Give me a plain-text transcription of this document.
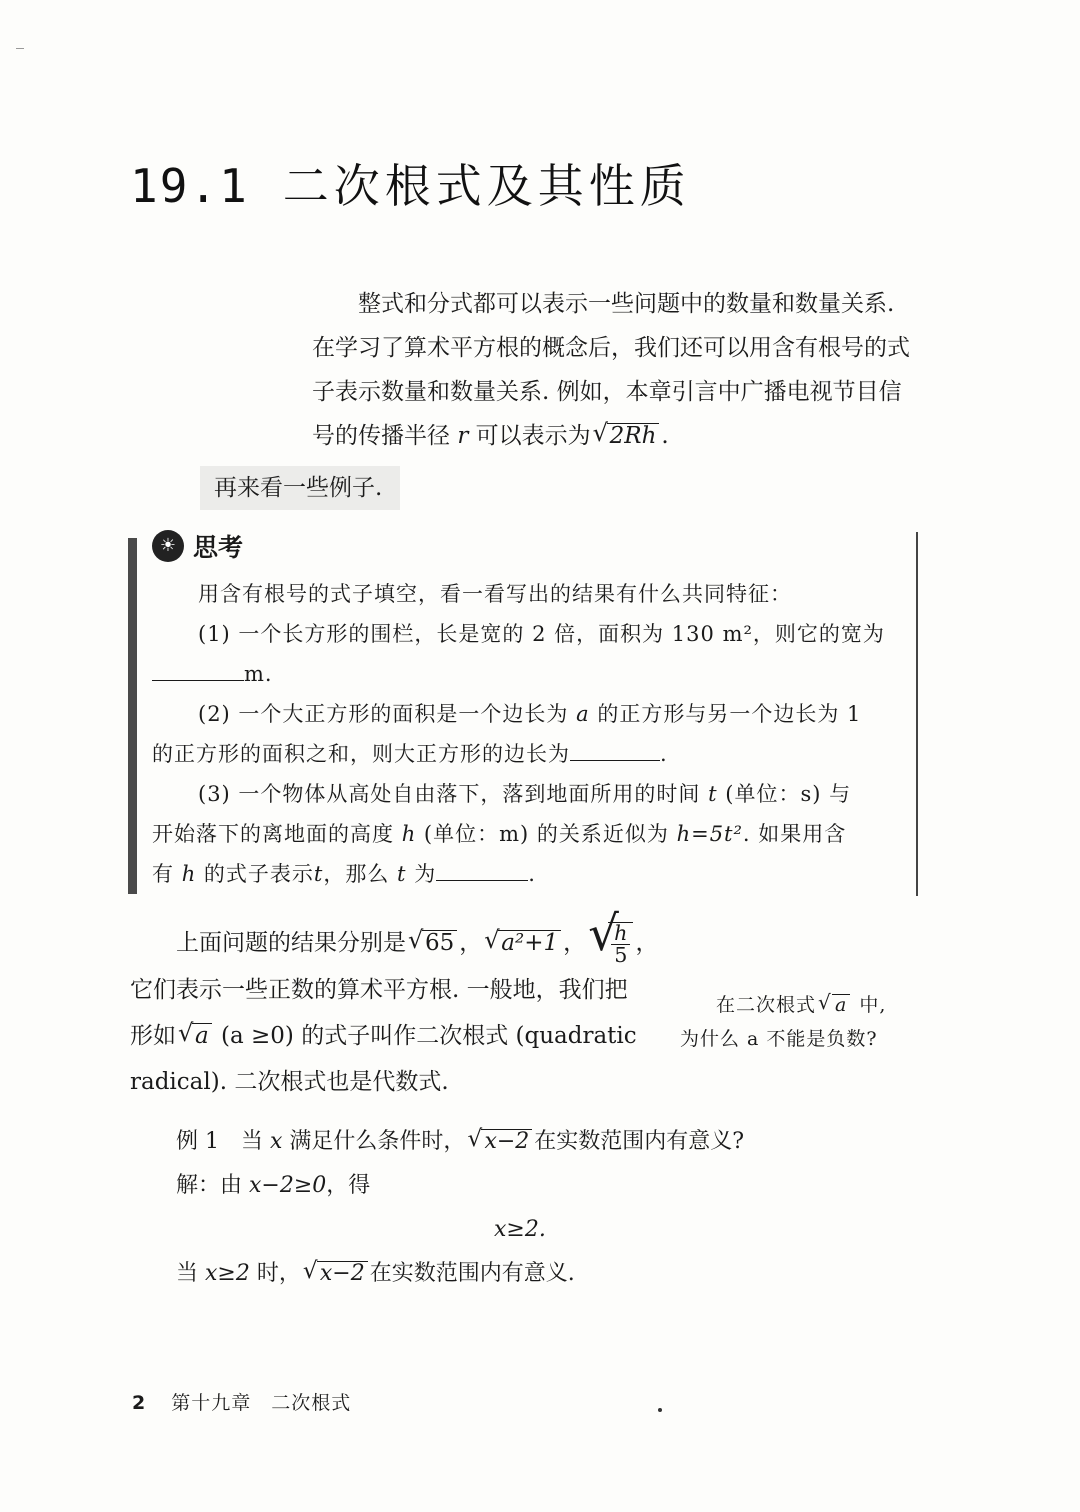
19.1 二次根式及其性质

整式和分式都可以表示一些问题中的数量和数量关系.

在学习了算术平方根的概念后，我们还可以用含有根号的式

子表示数量和数量关系. 例如，本章引言中广播电视节目信

号的传播半径 r 可以表示为 √ 2Rh .

再来看一些例子.
☀ 思考

用含有根号的式子填空，看一看写出的结果有什么共同特征：

(1) 一个长方形的围栏，长是宽的 2 倍，面积为 130 m²，则它的宽为

m.

(2) 一个大正方形的面积是一个边长为 a 的正方形与另一个边长为 1

的正方形的面积之和，则大正方形的边长为	.

(3) 一个物体从高处自由落下，落到地面所用的时间 t (单位：s) 与

开始落下的离地面的高度 h (单位：m) 的关系近似为 h=5t². 如果用含

有 h 的式子表示t，那么 t 为	.

上面问题的结果分别是 √ 65 ， √ a²+1 ， √ $\frac{h}{5}$ ，

它们表示一些正数的算术平方根. 一般地，我们把

形如 √ a (a ≥0) 的式子叫作二次根式 (quadratic

radical). 二次根式也是代数式.

在二次根式 √ a 中,

为什么 a 不能是负数?

例 1　当 x 满足什么条件时， √ x−2 在实数范围内有意义?

解：由 x−2≥0，得

x≥2.

当 x≥2 时， √ x−2 在实数范围内有意义.

2 第十九章　二次根式
